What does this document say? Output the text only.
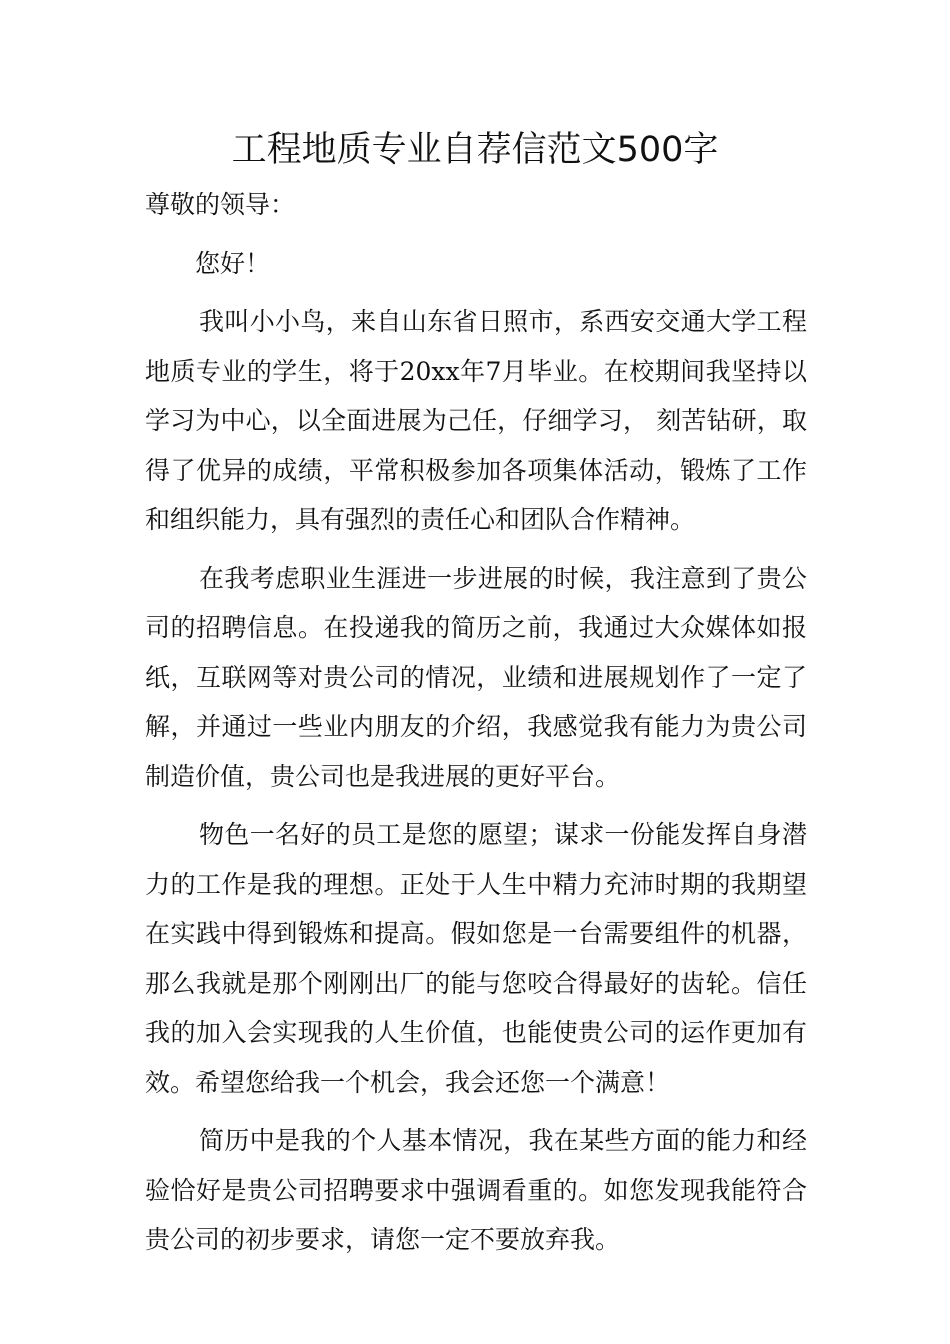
工程地质专业自荐信范文500字

尊敬的领导：

您好！

我叫小小鸟，来自山东省日照市，系西安交通大学工程地质专业的学生，将于20xx年7月毕业。在校期间我坚持以学习为中心，以全面进展为己任，仔细学习， 刻苦钻研，取得了优异的成绩，平常积极参加各项集体活动，锻炼了工作和组织能力，具有强烈的责任心和团队合作精神。

在我考虑职业生涯进一步进展的时候，我注意到了贵公司的招聘信息。在投递我的简历之前，我通过大众媒体如报纸，互联网等对贵公司的情况，业绩和进展规划作了一定了解，并通过一些业内朋友的介绍，我感觉我有能力为贵公司制造价值，贵公司也是我进展的更好平台。

物色一名好的员工是您的愿望；谋求一份能发挥自身潜力的工作是我的理想。正处于人生中精力充沛时期的我期望在实践中得到锻炼和提高。假如您是一台需要组件的机器，那么我就是那个刚刚出厂的能与您咬合得最好的齿轮。信任我的加入会实现我的人生价值，也能使贵公司的运作更加有效。希望您给我一个机会，我会还您一个满意！

简历中是我的个人基本情况，我在某些方面的能力和经验恰好是贵公司招聘要求中强调看重的。如您发现我能符合贵公司的初步要求，请您一定不要放弃我。
